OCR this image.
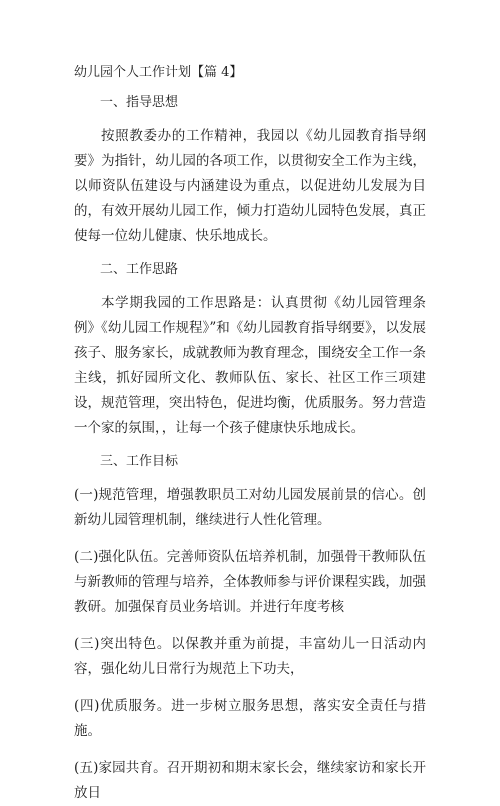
幼儿园个人工作计划【篇 4】
一、指导思想

按照教委办的工作精神，我园以《幼儿园教育指导纲要》为指针，幼儿园的各项工作，以贯彻安全工作为主线，以师资队伍建设与内涵建设为重点，以促进幼儿发展为目的，有效开展幼儿园工作，倾力打造幼儿园特色发展，真正使每一位幼儿健康、快乐地成长。

二、工作思路

本学期我园的工作思路是：认真贯彻《幼儿园管理条例》《幼儿园工作规程》”和《幼儿园教育指导纲要》，以发展孩子、服务家长，成就教师为教育理念，围绕安全工作一条主线，抓好园所文化、教师队伍、家长、社区工作三项建设，规范管理，突出特色，促进均衡，优质服务。努力营造一个家的氛围，，让每一个孩子健康快乐地成长。

三、工作目标

(一)规范管理，增强教职员工对幼儿园发展前景的信心。创新幼儿园管理机制，继续进行人性化管理。

(二)强化队伍。完善师资队伍培养机制，加强骨干教师队伍与新教师的管理与培养，全体教师参与评价课程实践，加强教研。加强保育员业务培训。并进行年度考核

(三)突出特色。以保教并重为前提，丰富幼儿一日活动内容，强化幼儿日常行为规范上下功夫，

(四)优质服务。进一步树立服务思想，落实安全责任与措施。

(五)家园共育。召开期初和期末家长会，继续家访和家长开放日
